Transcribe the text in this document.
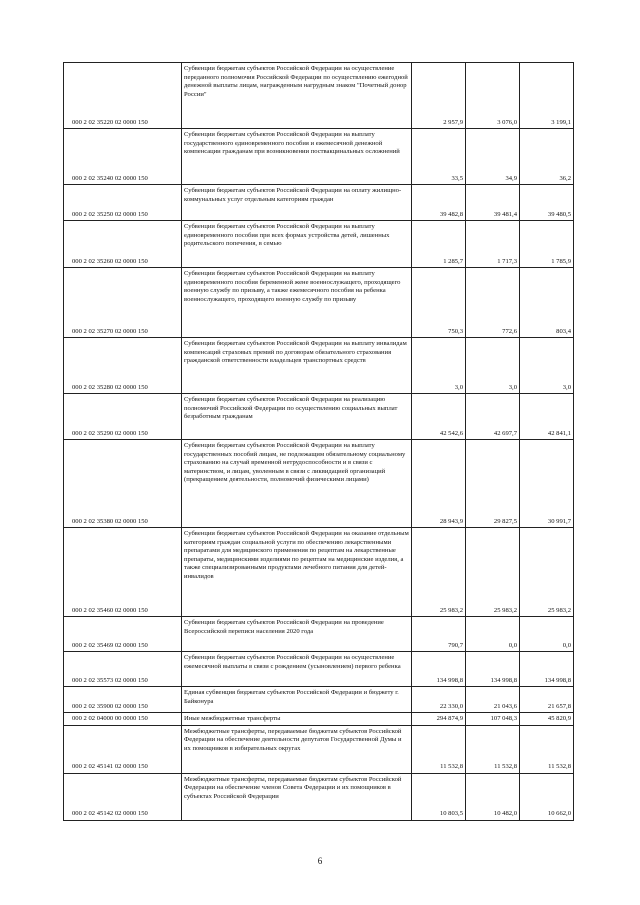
000 2 02 35220 02 0000 150	Субвенции бюджетам субъектов Российской Федерации на осуществление переданного полномочия Российской Федерации по осуществлению ежегодной денежной выплаты лицам, награжденным нагрудным знаком "Почетный донор России"	2 957,9	3 076,0	3 199,1
000 2 02 35240 02 0000 150	Субвенции бюджетам субъектов Российской Федерации на выплату государственного единовременного пособия и ежемесячной денежной компенсации гражданам при возникновении поствакцинальных осложнений	33,5	34,9	36,2
000 2 02 35250 02 0000 150	Субвенции бюджетам субъектов Российской Федерации на оплату жилищно-коммунальных услуг отдельным категориям граждан	39 482,8	39 481,4	39 480,5
000 2 02 35260 02 0000 150	Субвенции бюджетам субъектов Российской Федерации на выплату единовременного пособия при всех формах устройства детей, лишенных родительского попечения, в семью	1 285,7	1 717,3	1 785,9
000 2 02 35270 02 0000 150	Субвенции бюджетам субъектов Российской Федерации на выплату единовременного пособия беременной жене военнослужащего, проходящего военную службу по призыву, а также ежемесячного пособия на ребенка военнослужащего, проходящего военную службу по призыву	750,3	772,6	803,4
000 2 02 35280 02 0000 150	Субвенции бюджетам субъектов Российской Федерации на выплату инвалидам компенсаций страховых премий по договорам обязательного страхования гражданской ответственности владельцев транспортных средств	3,0	3,0	3,0
000 2 02 35290 02 0000 150	Субвенции бюджетам субъектов Российской Федерации на реализацию полномочий Российской Федерации по осуществлению социальных выплат безработным гражданам	42 542,6	42 697,7	42 841,1
000 2 02 35380 02 0000 150	Субвенции бюджетам субъектов Российской Федерации на выплату государственных пособий лицам, не подлежащим обязательному социальному страхованию на случай временной нетрудоспособности и в связи с материнством, и лицам, уволенным в связи с ликвидацией организаций (прекращением деятельности, полномочий физическими лицами)	28 943,9	29 827,5	30 991,7
000 2 02 35460 02 0000 150	Субвенции бюджетам субъектов Российской Федерации на оказание отдельным категориям граждан социальной услуги по обеспечению лекарственными препаратами для медицинского применения по рецептам на лекарственные препараты, медицинскими изделиями по рецептам на медицинские изделия, а также специализированными продуктами лечебного питания для детей-инвалидов	25 983,2	25 983,2	25 983,2
000 2 02 35469 02 0000 150	Субвенции бюджетам субъектов Российской Федерации на проведение Всероссийской переписи населения 2020 года	790,7	0,0	0,0
000 2 02 35573 02 0000 150	Субвенции бюджетам субъектов Российской Федерации на осуществление ежемесячной выплаты в связи с рождением (усыновлением) первого ребенка	134 998,8	134 998,8	134 998,8
000 2 02 35900 02 0000 150	Единая субвенция бюджетам субъектов Российской Федерации и бюджету г. Байконура	22 330,0	21 043,6	21 657,8
000 2 02 04000 00 0000 150	Иные межбюджетные трансферты	294 874,9	107 048,3	45 820,9
000 2 02 45141 02 0000 150	Межбюджетные трансферты, передаваемые бюджетам субъектов Российской Федерации на обеспечение деятельности депутатов Государственной Думы и их помощников в избирательных округах	11 532,8	11 532,8	11 532,8
000 2 02 45142 02 0000 150	Межбюджетные трансферты, передаваемые бюджетам субъектов Российской Федерации на обеспечение членов Совета Федерации и их помощников в субъектах Российской Федерации	10 803,5	10 482,0	10 662,0
6
